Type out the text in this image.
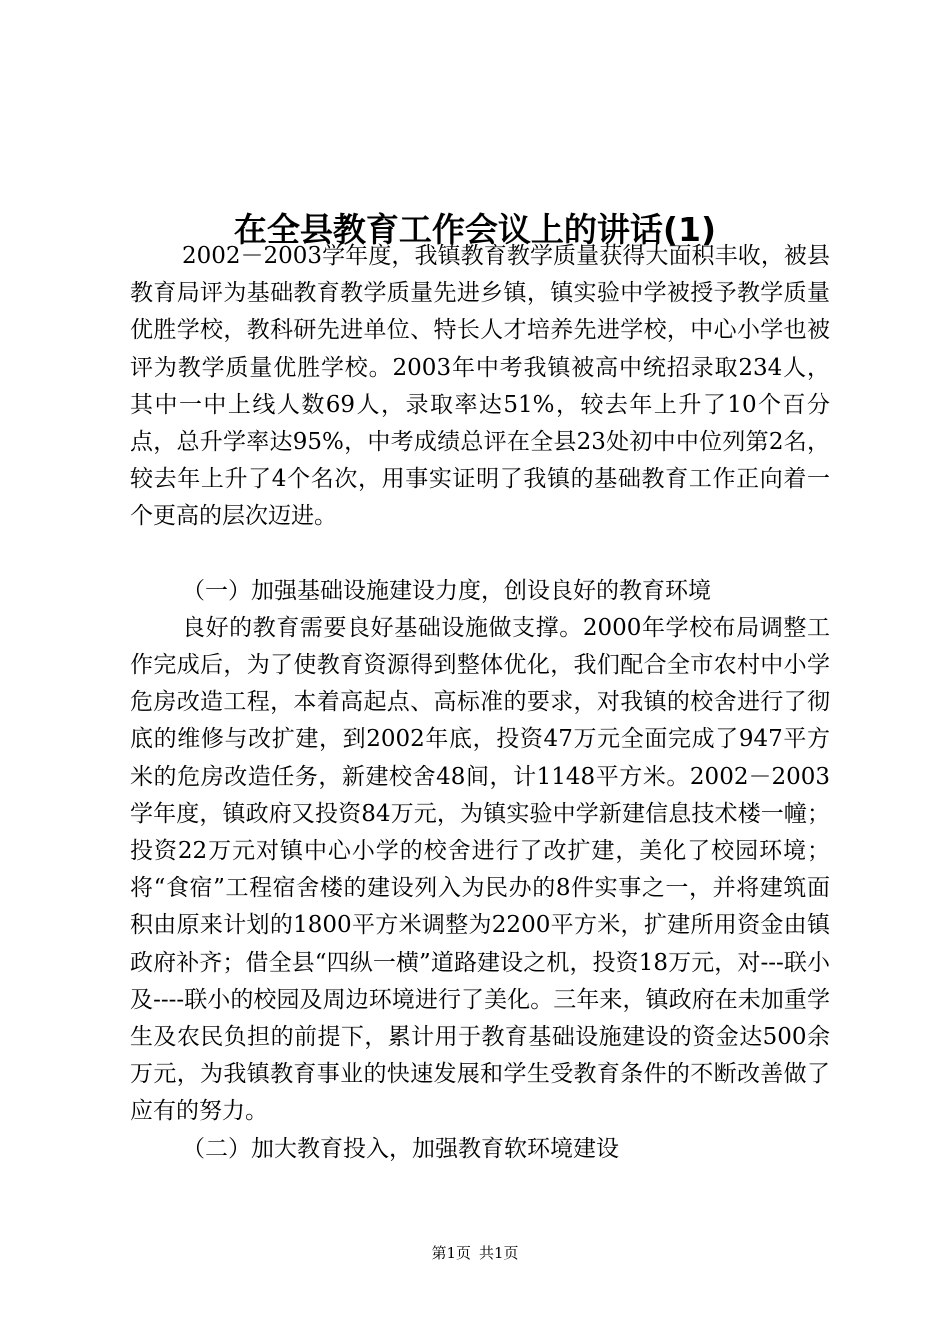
在全县教育工作会议上的讲话(1)

2002－2003学年度，我镇教育教学质量获得大面积丰收，被县教育局评为基础教育教学质量先进乡镇，镇实验中学被授予教学质量优胜学校，教科研先进单位、特长人才培养先进学校，中心小学也被评为教学质量优胜学校。2003年中考我镇被高中统招录取234人，其中一中上线人数69人，录取率达51%，较去年上升了10个百分点，总升学率达95%，中考成绩总评在全县23处初中中位列第2名，较去年上升了4个名次，用事实证明了我镇的基础教育工作正向着一个更高的层次迈进。

（一）加强基础设施建设力度，创设良好的教育环境

良好的教育需要良好基础设施做支撑。2000年学校布局调整工作完成后，为了使教育资源得到整体优化，我们配合全市农村中小学危房改造工程，本着高起点、高标准的要求，对我镇的校舍进行了彻底的维修与改扩建，到2002年底，投资47万元全面完成了947平方米的危房改造任务，新建校舍48间，计1148平方米。2002－2003学年度，镇政府又投资84万元，为镇实验中学新建信息技术楼一幢；投资22万元对镇中心小学的校舍进行了改扩建，美化了校园环境；将“食宿”工程宿舍楼的建设列入为民办的8件实事之一，并将建筑面积由原来计划的1800平方米调整为2200平方米，扩建所用资金由镇政府补齐；借全县“四纵一横”道路建设之机，投资18万元，对---联小及----联小的校园及周边环境进行了美化。三年来，镇政府在未加重学生及农民负担的前提下，累计用于教育基础设施建设的资金达500余万元，为我镇教育事业的快速发展和学生受教育条件的不断改善做了应有的努力。

（二）加大教育投入，加强教育软环境建设

第1页 共1页
